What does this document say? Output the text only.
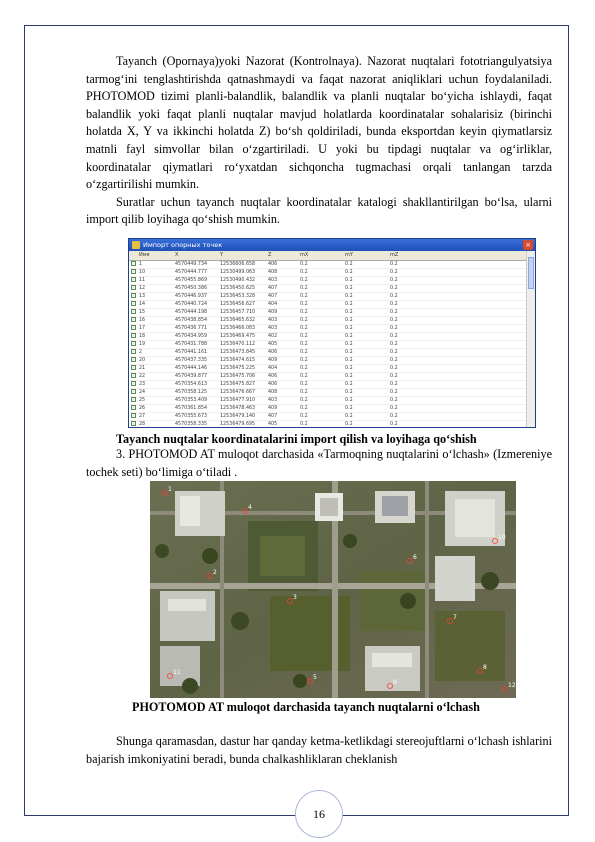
Tayanch (Opornaya)yoki Nazorat (Kontrolnaya). Nazorat nuqtalari fototriangulyatsiya tarmog‘ini tenglashtirishda qatnashmaydi va faqat nazorat aniqliklari uchun foydalaniladi. PHOTOMOD tizimi planli-balandlik, balandlik va planli nuqtalar bo‘yicha ishlaydi, faqat balandlik yoki faqat planli nuqtalar mavjud holatlarda koordinatalar sohalarisiz (birinchi holatda X, Y va ikkinchi holatda Z) bo‘sh qoldiriladi, bunda eksportdan keyin qiymatlarsiz matnli fayl simvollar bilan o‘zgartiriladi. U yoki bu tipdagi nuqtalar va og‘irliklar, koordinatalar qiymatlari ro‘yxatdan sichqoncha tugmachasi orqali tanlangan tarzda o‘zgartirilishi mumkin.

Suratlar uchun tayanch nuqtalar koordinatalar katalogi shakllantirilgan bo‘lsa, ularni import qilib loyihaga qo‘shish mumkin.

Импорт опорных точек	×
Имя	X	Y	Z	mX	mY	mZ
1	4570449.734	12536606.658	406	0.2	0.2	0.2
10	4570444.777	12530499.063	408	0.2	0.2	0.2
11	4570455.869	12530490.432	403	0.2	0.2	0.2
12	4570450.386	12536450.625	407	0.2	0.2	0.2
13	4570446.937	12536453.328	407	0.2	0.2	0.2
14	4570440.724	12536456.627	404	0.2	0.2	0.2
15	4570444.198	12536457.710	409	0.2	0.2	0.2
16	4570438.854	12536465.632	403	0.2	0.2	0.2
17	4570436.771	12536466.083	403	0.2	0.2	0.2
18	4570434.959	12536469.475	402	0.2	0.2	0.2
19	4570431.788	12536470.112	405	0.2	0.2	0.2
2	4570441.161	12536473.845	406	0.2	0.2	0.2
20	4570437.335	12536474.615	409	0.2	0.2	0.2
21	4570444.146	12536475.225	404	0.2	0.2	0.2
22	4570439.877	12536475.706	406	0.2	0.2	0.2
23	4570354.613	12536475.827	406	0.2	0.2	0.2
24	4570358.125	12536476.667	408	0.2	0.2	0.2
25	4570353.409	12536477.910	403	0.2	0.2	0.2
26	4570361.854	12536478.463	409	0.2	0.2	0.2
27	4570355.673	12536479.140	407	0.2	0.2	0.2
28	4570358.335	12536479.695	405	0.2	0.2	0.2
Tayanch nuqtalar koordinatalarini import qilish va loyihaga qo‘shish

3. PHOTOMOD AT muloqot darchasida «Tarmoqning nuqtalarini o‘lchash» (Izmereniye tochek seti) bo‘limiga o‘tiladi .

1
2
3
4
5
6
7
8
9
10
11
12
PHOTOMOD AT muloqot darchasida tayanch nuqtalarni o‘lchash

Shunga qaramasdan, dastur har qanday ketma-ketlikdagi stereojuftlarni o‘lchash ishlarini bajarish imkoniyatini beradi, bunda chalkashliklaran cheklanish

16
